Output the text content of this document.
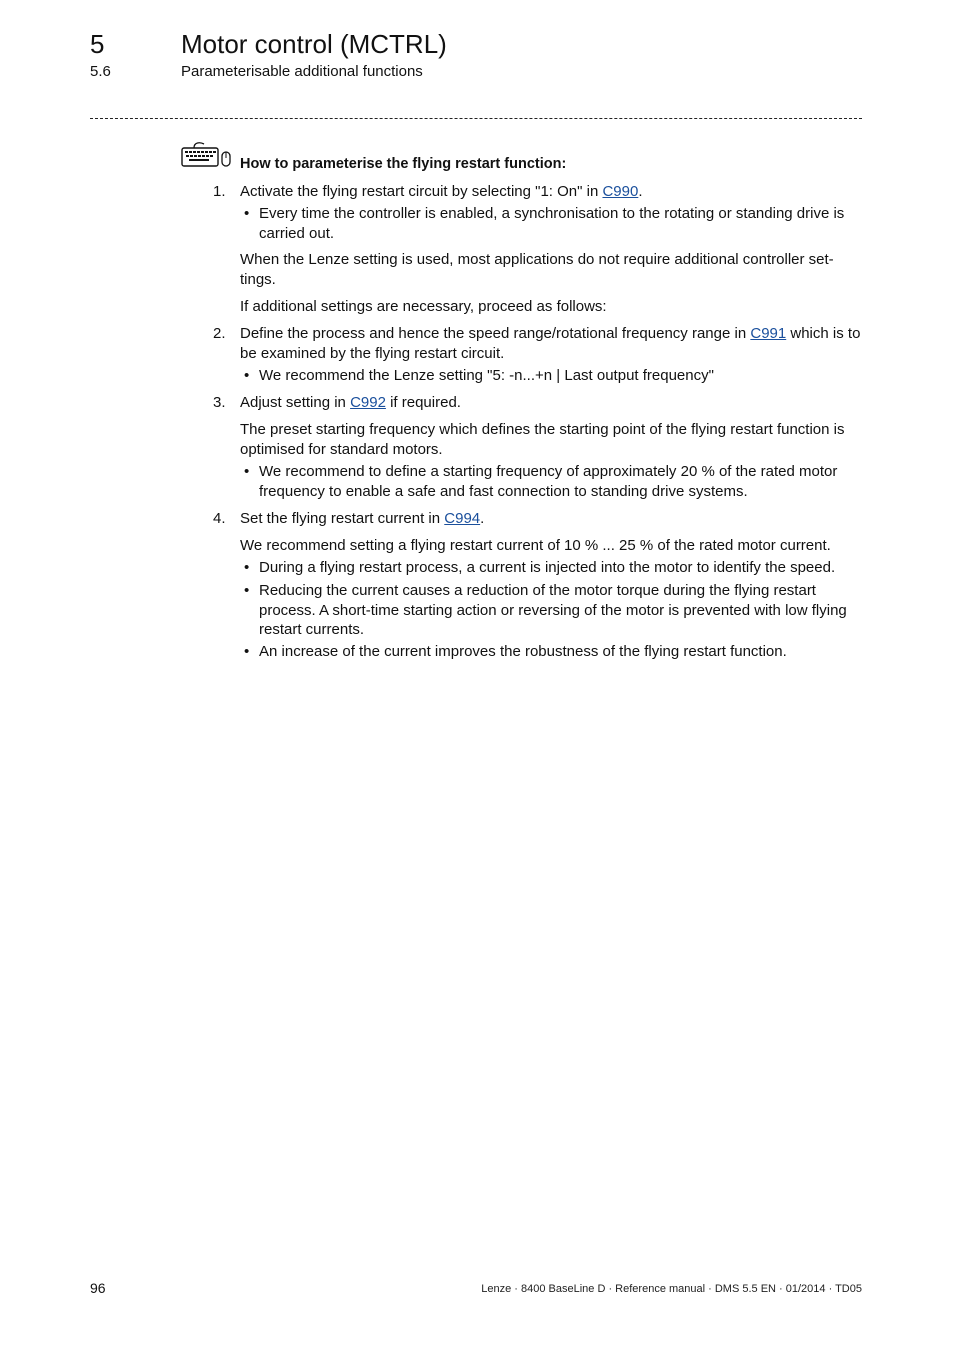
5	Motor control (MCTRL)
5.6	Parameterisable additional functions
How to parameterise the flying restart function:
1. Activate the flying restart circuit by selecting "1: On" in C990.

• Every time the controller is enabled, a synchronisation to the rotating or standing drive is carried out.

When the Lenze setting is used, most applications do not require additional controller set-tings.

If additional settings are necessary, proceed as follows:

2. Define the process and hence the speed range/rotational frequency range in C991 which is to be examined by the flying restart circuit.

• We recommend the Lenze setting "5: -n...+n | Last output frequency"
3. Adjust setting in C992 if required.

The preset starting frequency which defines the starting point of the flying restart function is optimised for standard motors.

• We recommend to define a starting frequency of approximately 20 % of the rated motor frequency to enable a safe and fast connection to standing drive systems.
4. Set the flying restart current in C994.

We recommend setting a flying restart current of 10 % ... 25 % of the rated motor current.

• During a flying restart process, a current is injected into the motor to identify the speed.
• Reducing the current causes a reduction of the motor torque during the flying restart process. A short-time starting action or reversing of the motor is prevented with low flying restart currents.
• An increase of the current improves the robustness of the flying restart function.
96	Lenze · 8400 BaseLine D · Reference manual · DMS 5.5 EN · 01/2014 · TD05
